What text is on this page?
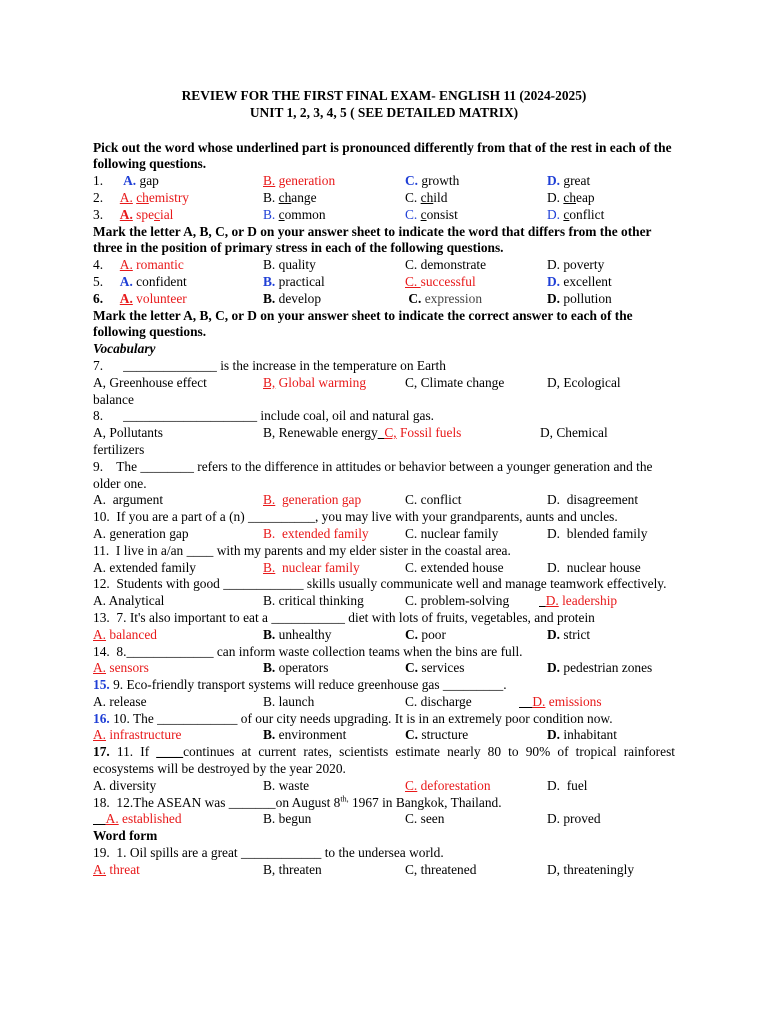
REVIEW FOR THE FIRST FINAL EXAM- ENGLISH 11 (2024-2025)
UNIT 1, 2, 3, 4, 5 ( SEE DETAILED MATRIX)
Pick out the word whose underlined part is pronounced differently from that of the rest in each of the following questions.
1. A. gap	B. generation	C. growth	D. great
2. A. chemistry	B. change	C. child	D. cheap
3. A. special	B. common	C. consist	D. conflict
Mark the letter A, B, C, or D on your answer sheet to indicate the word that differs from the other three in the position of primary stress in each of the following questions.
4. A. romantic	B. quality	C. demonstrate	D. poverty
5. A. confident	B. practical	C. successful	D. excellent
6. A. volunteer	B. develop	C. expression	D. pollution
Mark the letter A, B, C, or D on your answer sheet to indicate the correct answer to each of the following questions.
Vocabulary
7.      ______________ is the increase in the temperature on Earth
A, Greenhouse effect	B, Global warming	C, Climate change	D, Ecological
balance
8.      ____________________ include coal, oil and natural gas.
A, Pollutants	B, Renewable energy C, Fossil fuels	D, Chemical
fertilizers
9.    The ________ refers to the difference in attitudes or behavior between a younger generation and the older one.
A.  argument	B.  generation gap	C. conflict	D.  disagreement
10.  If you are a part of a (n) __________, you may live with your grandparents, aunts and uncles.
A. generation gap	B.  extended family	C. nuclear family	D.  blended family
11.  I live in a/an ____ with my parents and my elder sister in the coastal area.
A. extended family	B.  nuclear family	C. extended house	D.  nuclear house
12.  Students with good ____________ skills usually communicate well and manage teamwork effectively.
A. Analytical	B. critical thinking	C. problem-solving	D. leadership
13.  7. It's also important to eat a ___________ diet with lots of fruits, vegetables, and protein
A. balanced	B. unhealthy	C. poor	D. strict
14.  8._____________ can inform waste collection teams when the bins are full.
A. sensors	B. operators	C. services	D. pedestrian zones
15. 9. Eco-friendly transport systems will reduce greenhouse gas _________.
A. release	B. launch	C. discharge	D. emissions
16. 10. The ____________ of our city needs upgrading. It is in an extremely poor condition now.
A. infrastructure	B. environment	C. structure	D. inhabitant
17. 11. If ____continues at current rates, scientists estimate nearly 80 to 90% of tropical rainforest ecosystems will be destroyed by the year 2020.
A. diversity	B. waste	C. deforestation	D.  fuel
18.  12.The ASEAN was _______on August $8^{th,}$ 1967 in Bangkok, Thailand.
A. established	B. begun	C. seen	D. proved
Word form
19.  1. Oil spills are a great ____________ to the undersea world.
A. threat	B, threaten	C, threatened	D, threateningly
